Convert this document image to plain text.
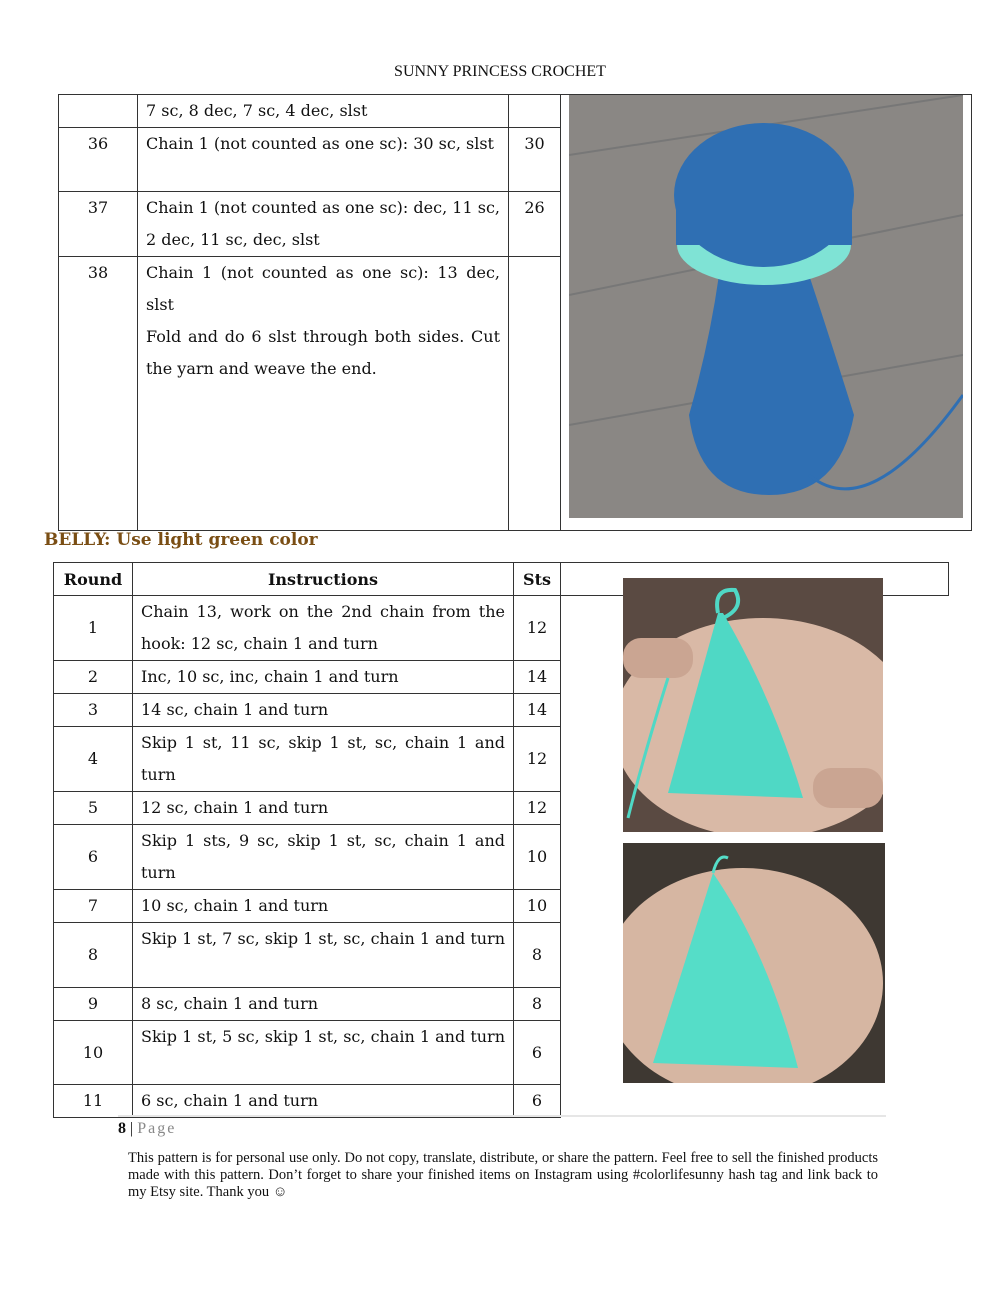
SUNNY PRINCESS CROCHET
	7 sc, 8 dec, 7 sc, 4 dec, slst		

36	Chain 1 (not counted as one sc): 30 sc, slst	30	
37	Chain 1 (not counted as one sc): dec, 11 sc, 2 dec, 11 sc, dec, slst	26	
38	Chain 1 (not counted as one sc): 13 dec, slst
Fold and do 6 slst through both sides. Cut the yarn and weave the end.		

BELLY: Use light green color
Round	Instructions	Sts	

1	Chain 13, work on the 2nd chain from the hook: 12 sc, chain 1 and turn	12	
2	Inc, 10 sc, inc, chain 1 and turn	14	
3	14 sc, chain 1 and turn	14	
4	Skip 1 st, 11 sc, skip 1 st, sc, chain 1 and turn	12	
5	12 sc, chain 1 and turn	12	
6	Skip 1 sts, 9 sc, skip 1 st, sc, chain 1 and turn	10	
7	10 sc, chain 1 and turn	10	
8	Skip 1 st, 7 sc, skip 1 st, sc, chain 1 and turn	8	
9	8 sc, chain 1 and turn	8	
10	Skip 1 st, 5 sc, skip 1 st, sc, chain 1 and turn	6	
11	6 sc, chain 1 and turn	6	
8 | Page
This pattern is for personal use only. Do not copy, translate, distribute, or share the pattern. Feel free to sell the finished products made with this pattern. Don’t forget to share your finished items on Instagram using #colorlifesunny hash tag and link back to my Etsy site. Thank you ☺
